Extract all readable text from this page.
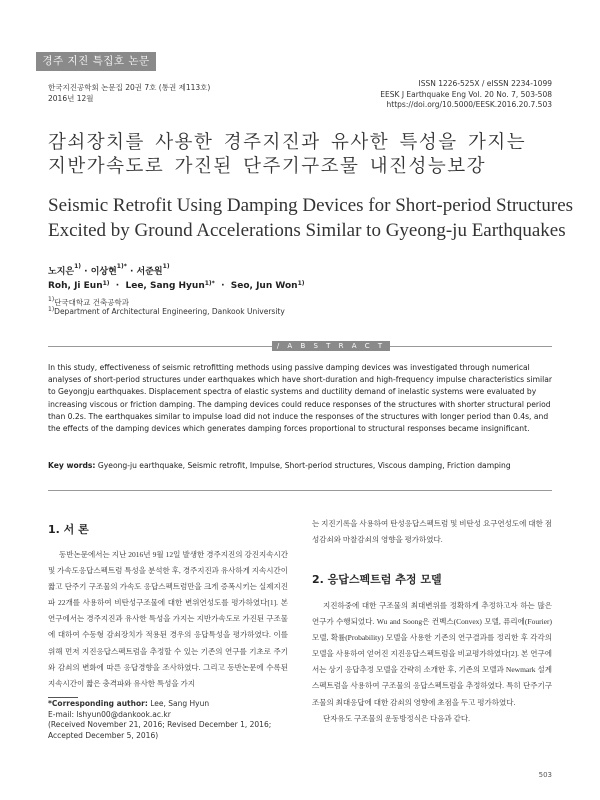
경주 지진 특집호 논문
한국지진공학회 논문집 20권 7호 (통권 제113호)
2016년 12월
ISSN 1226-525X / eISSN 2234-1099
EESK J Earthquake Eng Vol. 20 No. 7, 503-508
https://doi.org/10.5000/EESK.2016.20.7.503
감쇠장치를 사용한 경주지진과 유사한 특성을 가지는
지반가속도로 가진된 단주기구조물 내진성능보강
Seismic Retrofit Using Damping Devices for Short-period Structures
Excited by Ground Accelerations Similar to Gyeong-ju Earthquakes
노지은$^{1)}$ · 이상현$^{1)*}$ · 서준원$^{1)}$
Roh, Ji Eun$^{1)}$  ·  Lee, Sang Hyun$^{1)*}$  ·  Seo, Jun Won$^{1)}$
$^{1)}$단국대학교 건축공학과
$^{1)}$Department of Architectural Engineering, Dankook University
/ A B S T R A C T /
In this study, effectiveness of seismic retrofitting methods using passive damping devices was investigated through numerical analyses of short-period structures under earthquakes which have short-duration and high-frequency impulse characteristics similar to Geyongju earthquakes. Displacement spectra of elastic systems and ductility demand of inelastic systems were evaluated by increasing viscous or friction damping. The damping devices could reduce responses of the structures with shorter structural period than 0.2s. The earthquakes similar to impulse load did not induce the responses of the structures with longer period than 0.4s, and the effects of the damping devices which generates damping forces proportional to structural responses became insignificant.
Key words: Gyeong-ju earthquake, Seismic retrofit, Impulse, Short-period structures, Viscous damping, Friction damping
1. 서 론

동반논문에서는 지난 2016년 9월 12일 발생한 경주지진의 강진지속시간 및 가속도응답스펙트럼 특성을 분석한 후, 경주지진과 유사하게 지속시간이 짧고 단주기 구조물의 가속도 응답스펙트럼만을 크게 증폭시키는 실제지진파 22개를 사용하여 비탄성구조물에 대한 변위연성도를 평가하였다[1]. 본 연구에서는 경주지진과 유사한 특성을 가지는 지반가속도로 가진된 구조물에 대하여 수동형 감쇠장치가 적용된 경우의 응답특성을 평가하였다. 이를 위해 먼저 지진응답스펙트럼을 추정할 수 있는 기존의 연구를 기초로 주기와 감쇠의 변화에 따른 응답경향을 조사하였다. 그리고 동반논문에 수록된 지속시간이 짧은 충격파와 유사한 특성을 가지

는 지진기록을 사용하여 탄성응답스펙트럼 및 비탄성 요구연성도에 대한 점성감쇠와 마찰감쇠의 영향을 평가하였다.

2. 응답스펙트럼 추정 모델

지진하중에 대한 구조물의 최대변위를 정확하게 추정하고자 하는 많은 연구가 수행되었다. Wu and Soong은 컨벡스(Convex) 모델, 퓨리에(Fourier) 모델, 확률(Probability) 모델을 사용한 기존의 연구결과를 정리한 후 각각의 모델을 사용하여 얻어진 지진응답스펙트럼을 비교평가하였다[2]. 본 연구에서는 상기 응답추정 모델을 간략히 소개한 후, 기존의 모델과 Newmark 설계스펙트럼을 사용하여 구조물의 응답스펙트럼을 추정하였다. 특히 단주기구조물의 최대응답에 대한 감쇠의 영향에 초점을 두고 평가하였다.

단자유도 구조물의 운동방정식은 다음과 같다.

*Corresponding author: Lee, Sang Hyun
E-mail: lshyun00@dankook.ac.kr
(Received November 21, 2016; Revised December 1, 2016; Accepted December 5, 2016)
503
